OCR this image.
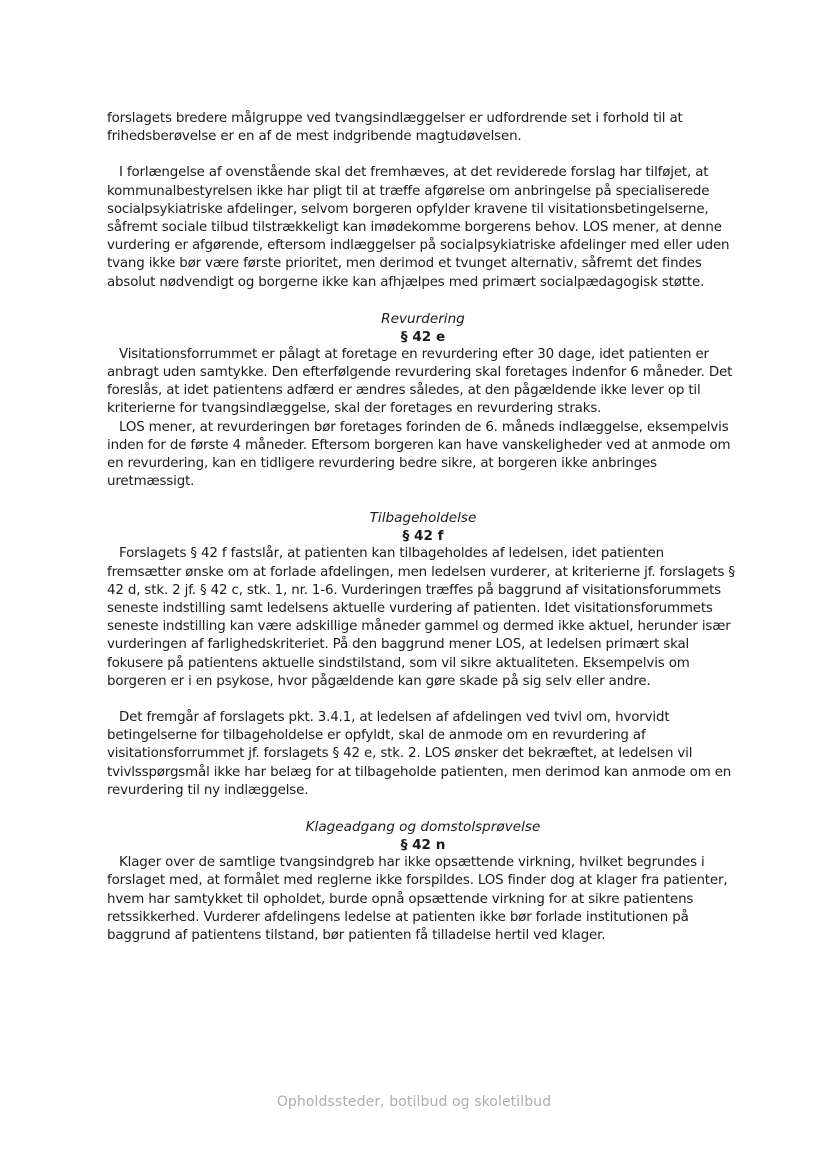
forslagets bredere målgruppe ved tvangsindlæggelser er udfordrende set i forhold til at frihedsberøvelse er en af de mest indgribende magtudøvelsen.

I forlængelse af ovenstående skal det fremhæves, at det reviderede forslag har tilføjet, at kommunalbestyrelsen ikke har pligt til at træffe afgørelse om anbringelse på specialiserede socialpsykiatriske afdelinger, selvom borgeren opfylder kravene til visitationsbetingelserne, såfremt sociale tilbud tilstrækkeligt kan imødekomme borgerens behov. LOS mener, at denne vurdering er afgørende, eftersom indlæggelser på socialpsykiatriske afdelinger med eller uden tvang ikke bør være første prioritet, men derimod et tvunget alternativ, såfremt det findes absolut nødvendigt og borgerne ikke kan afhjælpes med primært socialpædagogisk støtte.

Revurdering
§ 42 e

Visitationsforrummet er pålagt at foretage en revurdering efter 30 dage, idet patienten er anbragt uden samtykke. Den efterfølgende revurdering skal foretages indenfor 6 måneder. Det foreslås, at idet patientens adfærd er ændres således, at den pågældende ikke lever op til kriterierne for tvangsindlæggelse, skal der foretages en revurdering straks.

LOS mener, at revurderingen bør foretages forinden de 6. måneds indlæggelse, eksempelvis inden for de første 4 måneder. Eftersom borgeren kan have vanskeligheder ved at anmode om en revurdering, kan en tidligere revurdering bedre sikre, at borgeren ikke anbringes uretmæssigt.

Tilbageholdelse
§ 42 f

Forslagets § 42 f fastslår, at patienten kan tilbageholdes af ledelsen, idet patienten fremsætter ønske om at forlade afdelingen, men ledelsen vurderer, at kriterierne jf. forslagets § 42 d, stk. 2 jf. § 42 c, stk. 1, nr. 1-6. Vurderingen træffes på baggrund af visitationsforummets seneste indstilling samt ledelsens aktuelle vurdering af patienten. Idet visitationsforummets seneste indstilling kan være adskillige måneder gammel og dermed ikke aktuel, herunder især vurderingen af farlighedskriteriet. På den baggrund mener LOS, at ledelsen primært skal fokusere på patientens aktuelle sindstilstand, som vil sikre aktualiteten. Eksempelvis om borgeren er i en psykose, hvor pågældende kan gøre skade på sig selv eller andre.

Det fremgår af forslagets pkt. 3.4.1, at ledelsen af afdelingen ved tvivl om, hvorvidt betingelserne for tilbageholdelse er opfyldt, skal de anmode om en revurdering af visitationsforrummet jf. forslagets § 42 e, stk. 2. LOS ønsker det bekræftet, at ledelsen vil tvivlsspørgsmål ikke har belæg for at tilbageholde patienten, men derimod kan anmode om en revurdering til ny indlæggelse.

Klageadgang og domstolsprøvelse
§ 42 n

Klager over de samtlige tvangsindgreb har ikke opsættende virkning, hvilket begrundes i forslaget med, at formålet med reglerne ikke forspildes. LOS finder dog at klager fra patienter, hvem har samtykket til opholdet, burde opnå opsættende virkning for at sikre patientens retssikkerhed. Vurderer afdelingens ledelse at patienten ikke bør forlade institutionen på baggrund af patientens tilstand, bør patienten få tilladelse hertil ved klager.

Opholdssteder, botilbud og skoletilbud
